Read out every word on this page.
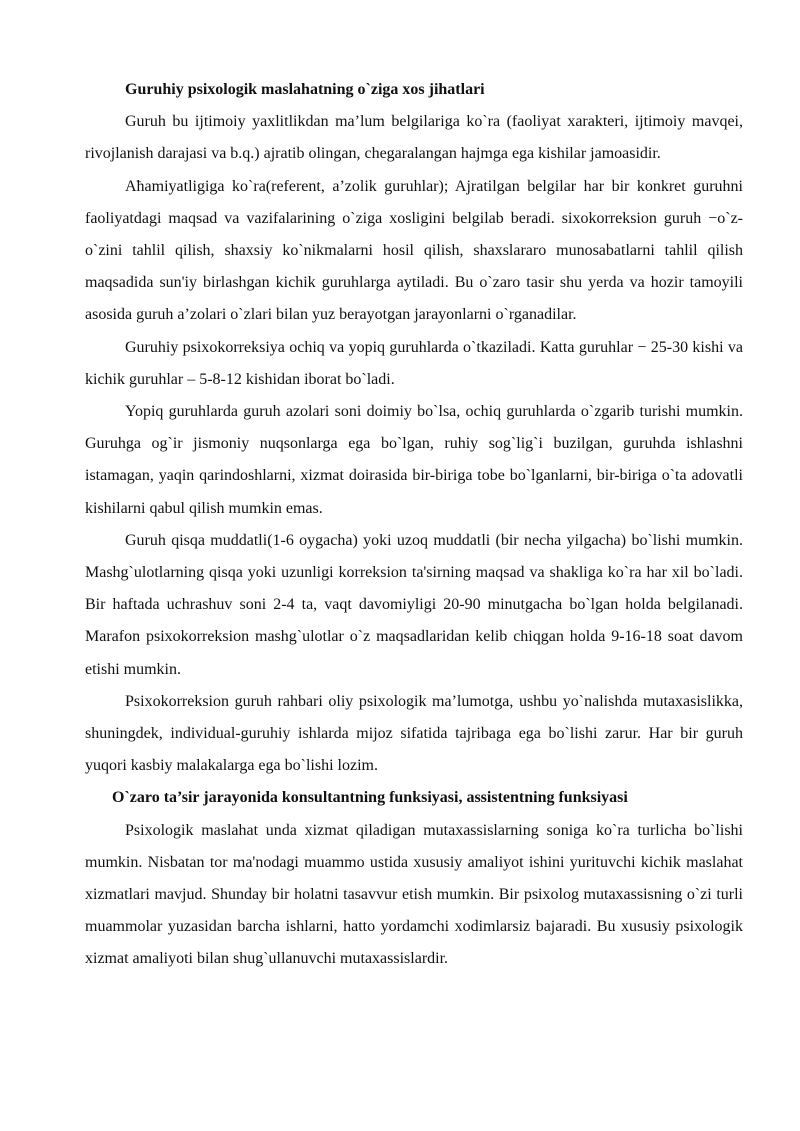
Guruhiy psixologik maslahatning o`ziga xos jihatlari

Guruh bu ijtimoiy yaxlitlikdan ma’lum belgilariga ko`ra (faoliyat xarakteri, ijtimoiy mavqei, rivojlanish darajasi va b.q.) ajratib olingan, chegaralangan hajmga ega kishilar jamoasidir.

Aħamiyatligiga ko`ra(referent, a’zolik guruhlar); Ajratilgan belgilar har bir konkret guruhni faoliyatdagi maqsad va vazifalarining o`ziga xosligini belgilab beradi. sixokorreksion guruh −o`z-o`zini tahlil qilish, shaxsiy ko`nikmalarni hosil qilish, shaxslararo munosabatlarni tahlil qilish maqsadida sun'iy birlashgan kichik guruhlarga aytiladi. Bu o`zaro tasir shu yerda va hozir tamoyili asosida guruh a’zolari o`zlari bilan yuz berayotgan jarayonlarni o`rganadilar.

Guruhiy psixokorreksiya ochiq va yopiq guruhlarda o`tkaziladi. Katta guruhlar − 25-30 kishi va kichik guruhlar – 5-8-12 kishidan iborat bo`ladi.

Yopiq guruhlarda guruh azolari soni doimiy bo`lsa, ochiq guruhlarda o`zgarib turishi mumkin. Guruhga og`ir jismoniy nuqsonlarga ega bo`lgan, ruhiy sog`lig`i buzilgan, guruhda ishlashni istamagan, yaqin qarindoshlarni, xizmat doirasida bir-biriga tobe bo`lganlarni, bir-biriga o`ta adovatli kishilarni qabul qilish mumkin emas.

Guruh qisqa muddatli(1-6 oygacha) yoki uzoq muddatli (bir necha yilgacha) bo`lishi mumkin. Mashg`ulotlarning qisqa yoki uzunligi korreksion ta'sirning maqsad va shakliga ko`ra har xil bo`ladi. Bir haftada uchrashuv soni 2-4 ta, vaqt davomiyligi 20-90 minutgacha bo`lgan holda belgilanadi. Marafon psixokorreksion mashg`ulotlar o`z maqsadlaridan kelib chiqgan holda 9-16-18 soat davom etishi mumkin.

Psixokorreksion guruh rahbari oliy psixologik ma’lumotga, ushbu yo`nalishda mutaxasislikka, shuningdek, individual-guruhiy ishlarda mijoz sifatida tajribaga ega bo`lishi zarur. Har bir guruh yuqori kasbiy malakalarga ega bo`lishi lozim.

O`zaro ta’sir jarayonida konsultantning funksiyasi, assistentning funksiyasi

Psixologik maslahat unda xizmat qiladigan mutaxassislarning soniga ko`ra turlicha bo`lishi mumkin. Nisbatan tor ma'nodagi muammo ustida xususiy amaliyot ishini yurituvchi kichik maslahat xizmatlari mavjud. Shunday bir holatni tasavvur etish mumkin. Bir psixolog mutaxassisning o`zi turli muammolar yuzasidan barcha ishlarni, hatto yordamchi xodimlarsiz bajaradi. Bu xususiy psixologik xizmat amaliyoti bilan shug`ullanuvchi mutaxassislardir.
